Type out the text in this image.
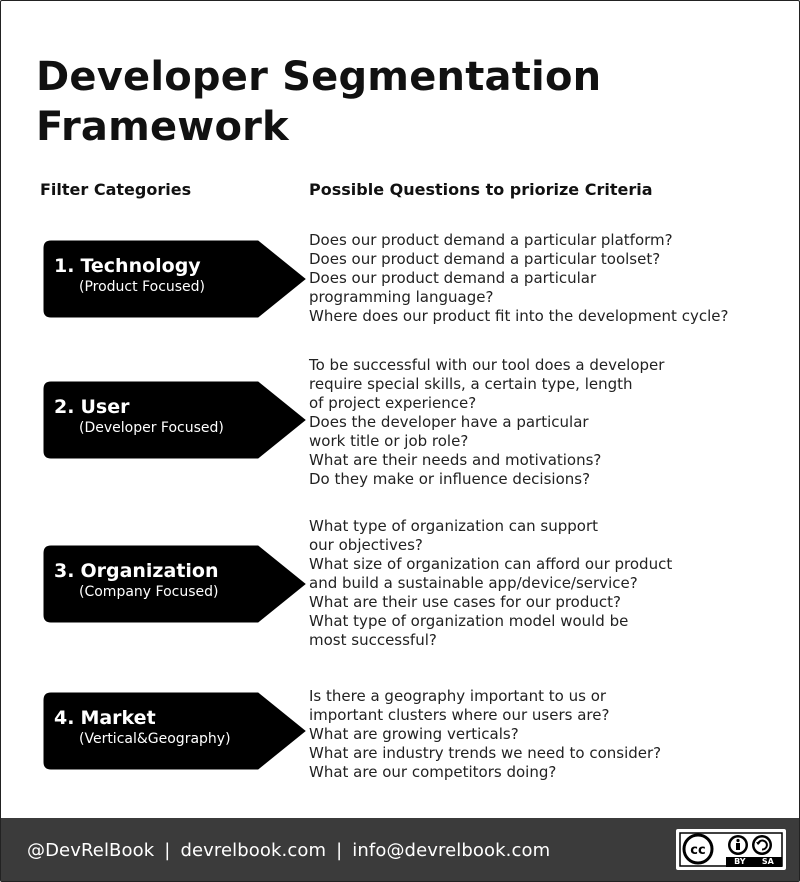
Developer Segmentation Framework
Filter Categories	Possible Questions to priorize Criteria
1. Technology
(Product Focused)
Does our product demand a particular platform?
Does our product demand a particular toolset?
Does our product demand a particular
programming language?
Where does our product fit into the development cycle?
2. User
(Developer Focused)
To be successful with our tool does a developer
require special skills, a certain type, length
of project experience?
Does the developer have a particular
work title or job role?
What are their needs and motivations?
Do they make or influence decisions?
3. Organization
(Company Focused)
What type of organization can support
our objectives?
What size of organization can afford our product
and build a sustainable app/device/service?
What are their use cases for our product?
What type of organization model would be
most successful?
4. Market
(Vertical&Geography)
Is there a geography important to us or
important clusters where our users are?
What are growing verticals?
What are industry trends we need to consider?
What are our competitors doing?
@DevRelBook | devrelbook.com | info@devrelbook.com	cc
BY SA
